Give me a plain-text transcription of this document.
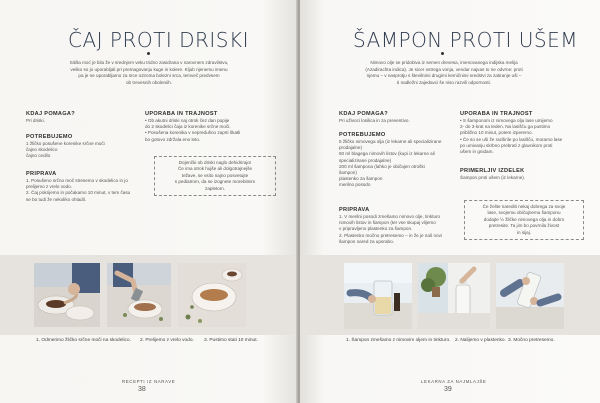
ČAJ PROTI DRISKI
Sitiša moć je bila že v srednjem veku tridno zasidrana v narovnem zdravilstvu,
veliko so jo uporabljali pri premagovanju kuge in kolere. Kljub njenemu imenu
pa je ne uporabljamo za srce oziroma bolezni srca, temveč predvsem
ob trevesnih oboleniih.
KDAJ POMAGA?
Pri driski.
POTREBUJEMO
1 žličko posušene korenike srčne moči
čajno skodelico
čajno cedilo
PRIPRAVA
1. Posušeno srčno moč stresemo v skodelico in jo
prelijemo z vrelo vodo.
2. Čaj pokrijemo in počakamo 10 minut, v tem času
se bo tudi že nekoliko ohladil.
UPORABA IN TRAJNOST
• Ob akutni driski naj otrok čez dan popije
do 2 skodelici čaja iz korenike srčne moči.
• Posušena korenika v nepredušno zaprti škatli
bo gotovo zdržala eno leto.
Dojenčki ob driski naglo dehidrirajo!
Če ima otrok hujše ali dolgotrajnejše
težave, se vsito najno posvetujte
s pediatrom, da se izognete morebitnim
zapletom.
1. Odmerimo žličko srčne moči na skodelico. 2. Prelijemo z vrelo vodo. 3. Pustimo stati 10 minut.
RECEPTI IZ NARAVE
38
ŠAMPON PROTI UŠEM
Nimovo olje se pridobiva iz semen drevesa, imenovanega indijska melija
(Azadirachta indica). Je sicer ostrega vonja, vendar najvas to ne odvrne: proti
njemu – v nasprotju s številnimi drugimi kemičnimi sredstvi za zatiranje uši –
ti nadležni zajedavci še niso razvili odpornosti.
KDAJ POMAGA?
Pri uživoci losilica in za preventivo.
POTREBUJEMO
5 žličko nimovega olja (iz lekarne ali specializirane
prodajalne)
50 ml blagega nimovih listov (kupi iz lekarne ali
specializirane prodajalne)
200 ml šampona (lahko je običajen otroški
šampon)
plastenko za šampon
merilno posodo
PRIPRAVA
1. V merilni posodi zmešamo nimovo olje, tinkturo
nimovih listov in šampon (ter vse skupaj vlijemo
v pripravljeno plastenko za šampon.
2. Plastenko močno pretresemo – in že je naš novi
šampon nared za uporabo.
UPORABA IN TRAJNOST
• S šamponom iz nimovega olja lase umijemo
2- do 3-krat na teden. Na lasišču ga pustimo
približno 10 minut, potem izperemo.
• Če so se uši že razširile po lasišču, moramo lase
po umivanju skrbno prebrati z glavnikom proti
ušem in gnidam.
PRIMERLJIV IZDELEK
Šampon proti ušem (iz lekarne).
Če želite narediti nekaj dobrega za svoje
lase, svojemu običajnemu šamponu
dodajte ½ žličke nimovega olja in dobro
pretresite. Ta jim bo povrnila živost
in sijaj.
1. Šampon zmešamo z nimovim oljem in tinkturo. 2. Nalijemo v plastenko. 3. Močno pretresemo.
LEKARNA ZA NAJMLAJŠE
39
